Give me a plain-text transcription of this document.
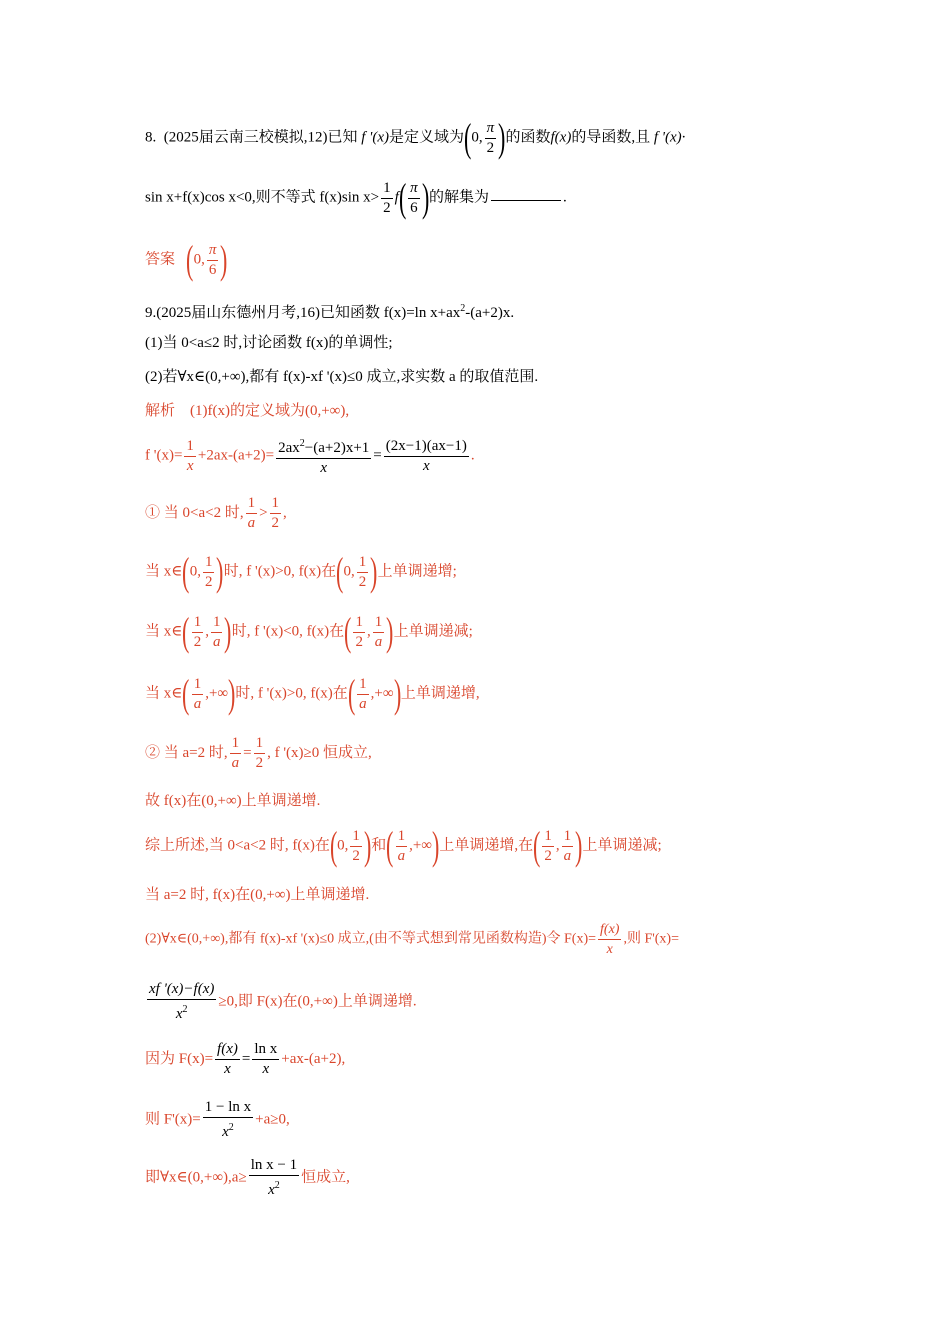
8. (2025届云南三校模拟,12)已知 f '(x)是定义域为(0, $\frac{\pi}{2}$ )的函数f(x)的导函数,且 f '(x)·
sin x+f(x)cos x<0,则不等式 f(x)sin $x> \frac{1}{2} f( \frac{\pi}{6}$ )的解集为	.
答案 (0, $\frac{\pi}{6}$ )
9.(2025届山东德州月考,16)已知函数 f(x)=ln $x+ax^2-(a+2)x$.
(1)当 0<a≤2 时,讨论函数 f(x)的单调性;
(2)若∀x∈(0,+∞),都有 f(x)-xf '(x)≤0 成立,求实数 a 的取值范围.
解析　(1)f(x)的定义域为(0,+∞),
f '$(x)= \frac{1}{x} +2ax-(a+2)= \frac{2ax^2-(a+2)x+1}{x} = \frac{(2x-1)(ax-1)}{x}$ .
① 当 0<a<2 时, $\frac{1}{a} > \frac{1}{2}$ ,
当 x∈(0, $\frac{1}{2}$ )时, f '(x)>0, f(x)在(0, $\frac{1}{2}$ )上单调递增;
当 x∈( $\frac{1}{2}$ , $\frac{1}{a}$ )时, f '(x)<0, f(x)在( $\frac{1}{2}$ , $\frac{1}{a}$ )上单调递减;
当 x∈( $\frac{1}{a}$ ,+∞)时, f '(x)>0, f(x)在( $\frac{1}{a}$ ,+∞)上单调递增,
② 当 a=2 时, $\frac{1}{a} = \frac{1}{2}$ , f '(x)≥0 恒成立,
故 f(x)在(0,+∞)上单调递增.
综上所述,当 0<a<2 时, f(x)在(0, $\frac{1}{2}$ )和( $\frac{1}{a}$ ,+∞)上单调递增,在( $\frac{1}{2}$ , $\frac{1}{a}$ )上单调递减;
当 a=2 时, f(x)在(0,+∞)上单调递增.
(2)∀x∈(0,+∞),都有 f(x)-xf '(x)≤0 成立,(由不等式想到常见函数构造)令 $F(x)= \frac{f(x)}{x}$ ,则 F'(x)=
$\frac{xf '(x)-f(x)}{x^2} \ge 0$,即 F(x)在(0,+∞)上单调递增.
因为 $F(x)= \frac{f(x)}{x} = \frac{\text{ln x}}{x} +ax-(a+2)$,
则 $F'(x)= \frac{\text{1 − ln x}}{x^2} +a\ge 0$,
即∀x∈(0,+∞),a≥ $\frac{\text{ln x − 1}}{x^2}$ 恒成立,
